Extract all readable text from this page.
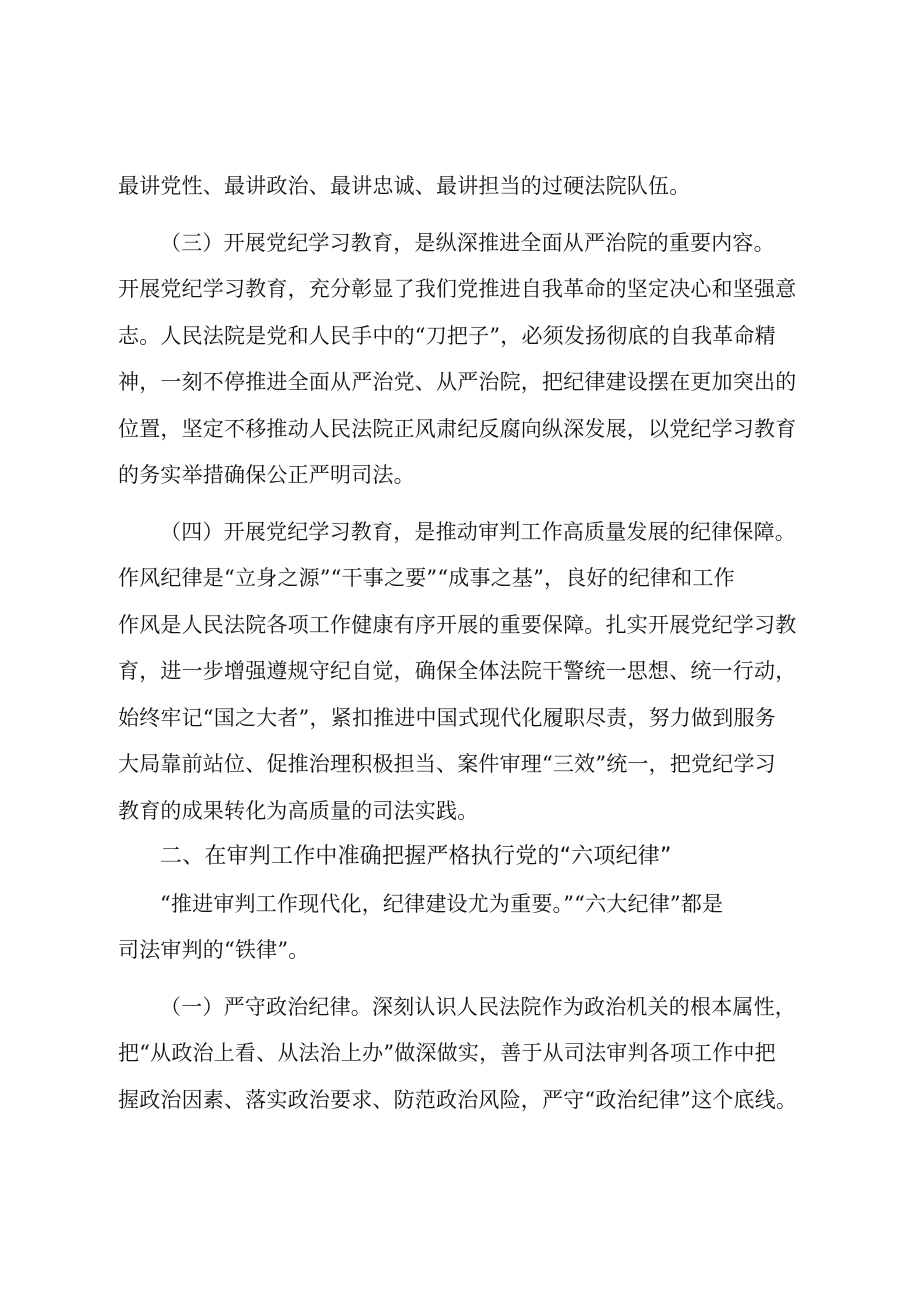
最讲党性、最讲政治、最讲忠诚、最讲担当的过硬法院队伍。
（三）开展党纪学习教育，是纵深推进全面从严治院的重要内容。
开展党纪学习教育，充分彰显了我们党推进自我革命的坚定决心和坚强意
志。人民法院是党和人民手中的“刀把子”，必须发扬彻底的自我革命精
神，一刻不停推进全面从严治党、从严治院，把纪律建设摆在更加突出的
位置，坚定不移推动人民法院正风肃纪反腐向纵深发展，以党纪学习教育
的务实举措确保公正严明司法。
（四）开展党纪学习教育，是推动审判工作高质量发展的纪律保障。
作风纪律是“立身之源”“干事之要”“成事之基”，良好的纪律和工作
作风是人民法院各项工作健康有序开展的重要保障。扎实开展党纪学习教
育，进一步增强遵规守纪自觉，确保全体法院干警统一思想、统一行动，
始终牢记“国之大者”，紧扣推进中国式现代化履职尽责，努力做到服务
大局靠前站位、促推治理积极担当、案件审理“三效”统一，把党纪学习
教育的成果转化为高质量的司法实践。
二、在审判工作中准确把握严格执行党的“六项纪律”
“推进审判工作现代化，纪律建设尤为重要。”“六大纪律”都是
司法审判的“铁律”。
（一）严守政治纪律。深刻认识人民法院作为政治机关的根本属性，
把“从政治上看、从法治上办”做深做实，善于从司法审判各项工作中把
握政治因素、落实政治要求、防范政治风险，严守“政治纪律”这个底线。
